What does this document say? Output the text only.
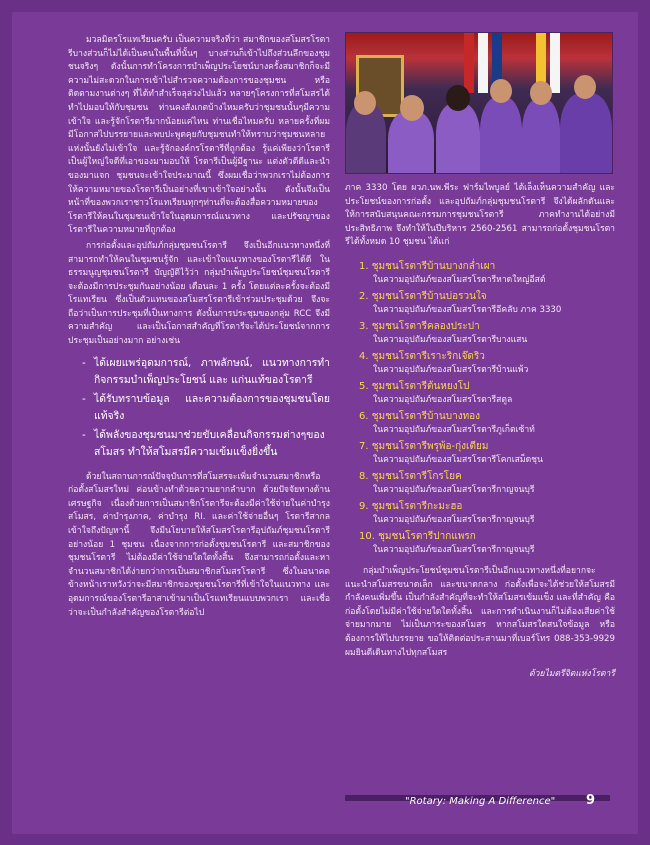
มวลมิตรโรแทเรียนครับ เป็นความจริงที่ว่า สมาชิกของสโมสรโรตารีบางส่วนก็ไม่ได้เป็นคนในพื้นที่นั้นๆ บางส่วนก็เข้าไปถึงส่วนลึกของชุมชนจริงๆ ดังนั้นการทำโครงการบำเพ็ญประโยชน์บางครั้งสมาชิกก็จะมีความไม่สะดวกในการเข้าไปสำรวจความต้องการของชุมชน หรือติดตามงานต่างๆ ที่ได้ทำสำเร็จลุล่วงไปแล้ว หลายๆโครงการที่สโมสรได้ทำไปมอบให้กับชุมชน ท่านคงสังเกตบ้างไหมครับว่าชุมชนนั้นๆมีความเข้าใจ และรู้จักโรตารีมากน้อยแค่ไหน ท่านเชื่อไหมครับ หลายครั้งที่ผมมีโอกาสไปบรรยายและพบปะพูดคุยกับชุมชนทำให้ทราบว่าชุมชนหลายแห่งนั้นยังไม่เข้าใจ และรู้จักองค์กรโรตารีที่ถูกต้อง รู้แค่เพียงว่าโรตารีเป็นผู้ใหญ่ใจดีที่เอาของมามอบให้ โรตารีเป็นผู้มีฐานะ แต่งตัวดีดีและนำของมาแจก ชุมชนจะเข้าใจประมาณนี้ ซึ่งผมเชื่อว่าพวกเราไม่ต้องการให้ความหมายของโรตารีเป็นอย่างที่เขาเข้าใจอย่างนั้น ดังนั้นจึงเป็นหน้าที่ของพวกเราชาวโรแทเรียนทุกๆท่านที่จะต้องสื่อความหมายของโรตารีให้คนในชุมชนเข้าใจในอุดมการณ์แนวทาง และปรัชญาของโรตารีในความหมายที่ถูกต้อง

การก่อตั้งและอุปถัมภ์กลุ่มชุมชนโรตารี จึงเป็นอีกแนวทางหนึ่งที่สามารถทำให้คนในชุมชนรู้จัก และเข้าใจแนวทางของโรตารีได้ดี ในธรรมนูญชุมชนโรตารี บัญญัติไว้ว่า กลุ่มบำเพ็ญประโยชน์ชุมชนโรตารี จะต้องมีการประชุมกันอย่างน้อย เดือนละ 1 ครั้ง โดยแต่ละครั้งจะต้องมีโรแทเรียน ซึ่งเป็นตัวแทนของสโมสรโรตารีเข้าร่วมประชุมด้วย จึงจะถือว่าเป็นการประชุมที่เป็นทางการ ดังนั้นการประชุมของกลุ่ม RCC จึงมีความสำคัญ และเป็นโอกาสสำคัญที่โรตารีจะได้ประโยชน์จากการประชุมเป็นอย่างมาก อย่างเช่น

- ได้เผยแพร่อุดมการณ์, ภาพลักษณ์, แนวทางการทำกิจกรรมบำเพ็ญประโยชน์ และ แก่นแท้ของโรตารี
- ได้รับทราบข้อมูล และความต้องการของชุมชนโดยแท้จริง
- ได้พลังของชุมชนมาช่วยขับเคลื่อนกิจกรรมต่างๆของสโมสร ทำให้สโมสรมีความเข้มแข็งยิ่งขึ้น

ด้วยในสถานการณ์ปัจจุบันการที่สโมสรจะเพิ่มจำนวนสมาชิกหรือก่อตั้งสโมสรใหม่ ค่อนข้างทำด้วยความยากลำบาก ด้วยปัจจัยทางด้านเศรษฐกิจ เนื่องด้วยการเป็นสมาชิกโรตารีจะต้องมีค่าใช้จ่ายในค่าบำรุงสโมสร, ค่าบำรุงภาค, ค่าบำรุง RI. และค่าใช้จ่ายอื่นๆ โรตารีสากลเข้าใจถึงปัญหานี้ จึงมีนโยบายให้สโมสรโรตารีอุปถัมภ์ชุมชนโรตารี อย่างน้อย 1 ชุมชน เนื่องจากการก่อตั้งชุมชนโรตารี และสมาชิกของชุมชนโรตารี ไม่ต้องมีค่าใช้จ่ายใดใดทั้งสิ้น จึงสามารถก่อตั้งและหาจำนวนสมาชิกได้ง่ายกว่าการเป็นสมาชิกสโมสรโรตารี ซึ่งในอนาคตข้างหน้าเราหวังว่าจะมีสมาชิกของชุมชนโรตารีที่เข้าใจในแนวทาง และอุดมการณ์ของโรตารีอาสาเข้ามาเป็นโรแทเรียนแบบพวกเรา และเชื่อว่าจะเป็นกำลังสำคัญของโรตารีต่อไป

ภาค 3330 โดย ผวภ.นพ.พีระ ฟาร์มไพบูลย์ ได้เล็งเห็นความสำคัญ และประโยชน์ของการก่อตั้ง และอุปถัมภ์กลุ่มชุมชนโรตารี จึงได้ผลักดันและให้การสนับสนุนคณะกรรมการชุมชนโรตารี ภาคทำงานได้อย่างมีประสิทธิภาพ จึงทำให้ในปีบริหาร 2560-2561 สามารถก่อตั้งชุมชนโรตารีได้ทั้งหมด 10 ชุมชน ได้แก่
1. ชุมชนโรตารีบ้านบางกล่ำเผา
ในความอุปถัมภ์ของสโมสรโรตารีหาดใหญ่อีสต์
2. ชุมชนโรตารีบ้านบ่อรวนใจ
ในความอุปถัมภ์ของสโมสรโรตารีอีคลับ ภาค 3330
3. ชุมชนโรตารีคลองประปา
ในความอุปถัมภ์ของสโมสรโรตารีบางแสน
4. ชุมชนโรตารีเราะริกเจ๊ดริว
ในความอุปถัมภ์ของสโมสรโรตารีบ้านแพ้ว
5. ชุมชนโรตารีต้นหยงโป
ในความอุปถัมภ์ของสโมสรโรตารีสตูล
6. ชุมชนโรตารีบ้านบางทอง
ในความอุปถัมภ์ของสโมสรโรตารีภูเก็ตเซ้าท์
7. ชุมชนโรตารีพรุพ้อ-กุ่งเตียม
ในความอุปถัมภ์ของสโมสรโรตารีโคกเสม็ดชุน
8. ชุมชนโรตารีโกรโยค
ในความอุปถัมภ์ของสโมสรโรตารีกาญจนบุรี
9. ชุมชนโรตารีกะมะฮอ
ในความอุปถัมภ์ของสโมสรโรตารีกาญจนบุรี
10. ชุมชนโรตารีปากแพรก
ในความอุปถัมภ์ของสโมสรโรตารีกาญจนบุรี

กลุ่มบำเพ็ญประโยชน์ชุมชนโรตารีเป็นอีกแนวทางหนึ่งที่อยากจะแนะนำสโมสรขนาดเล็ก และขนาดกลาง ก่อตั้งเพื่อจะได้ช่วยให้สโมสรมีกำลังคนเพิ่มขึ้น เป็นกำลังสำคัญที่จะทำให้สโมสรเข้มแข็ง และที่สำคัญ คือก่อตั้งโดยไม่มีค่าใช้จ่ายใดใดทั้งสิ้น และการดำเนินงานก็ไม่ต้องเสียค่าใช้จ่ายมากมาย ไม่เป็นภาระของสโมสร หากสโมสรใดสนใจข้อมูล หรือต้องการให้ไปบรรยาย ขอให้ติดต่อประสานมาที่เบอร์โทร 088-353-9929 ผมยินดีเดินทางไปทุกสโมสร

ด้วยไมตรีจิตแห่งโรตารี
"Rotary: Making A Difference" 9
